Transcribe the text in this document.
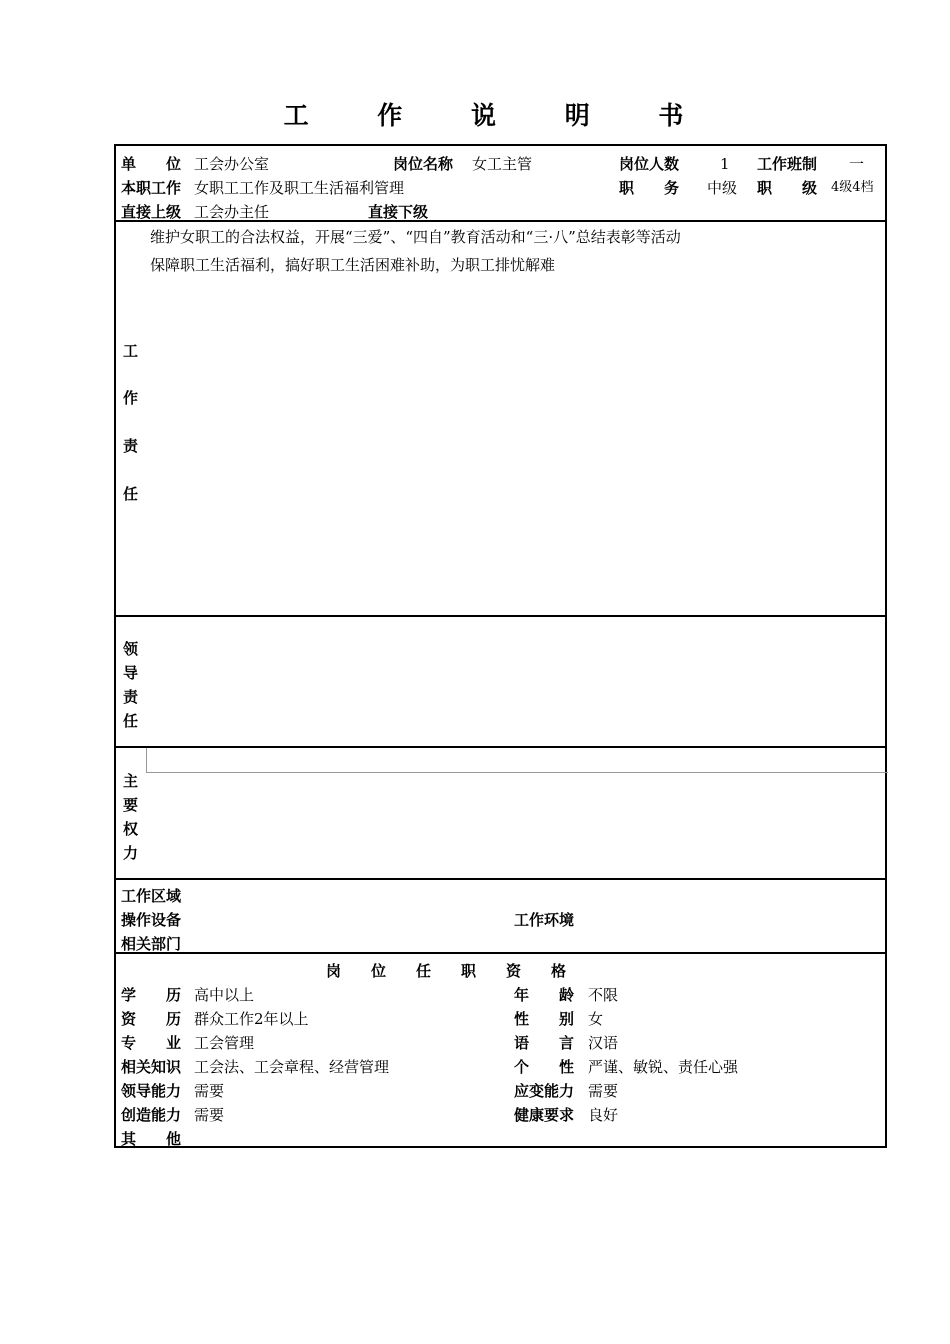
工 作 说 明 书
单　　位 工会办公室	岗位名称 女工主管	岗位人数	1 工作班制 一
本职工作 女职工工作及职工生活福利管理	职　　务 中级 职　　级 4级4档
直接上级 工会办主任	直接下级
维护女职工的合法权益，开展“三爱”、“四自”教育活动和“三·八”总结表彰等活动
保障职工生活福利，搞好职工生活困难补助，为职工排忧解难
工
作
责
任
领
导
责
任
主
要
权
力
工作区域
操作设备	工作环境
相关部门
岗　　位　　任　　职　　资　　格
学　　历 高中以上	年　　龄 不限
资　　历 群众工作2年以上	性　　别 女
专　　业 工会管理	语　　言 汉语
相关知识 工会法、工会章程、经营管理	个　　性 严谨、敏锐、责任心强
领导能力 需要	应变能力 需要
创造能力 需要	健康要求 良好
其　　他
